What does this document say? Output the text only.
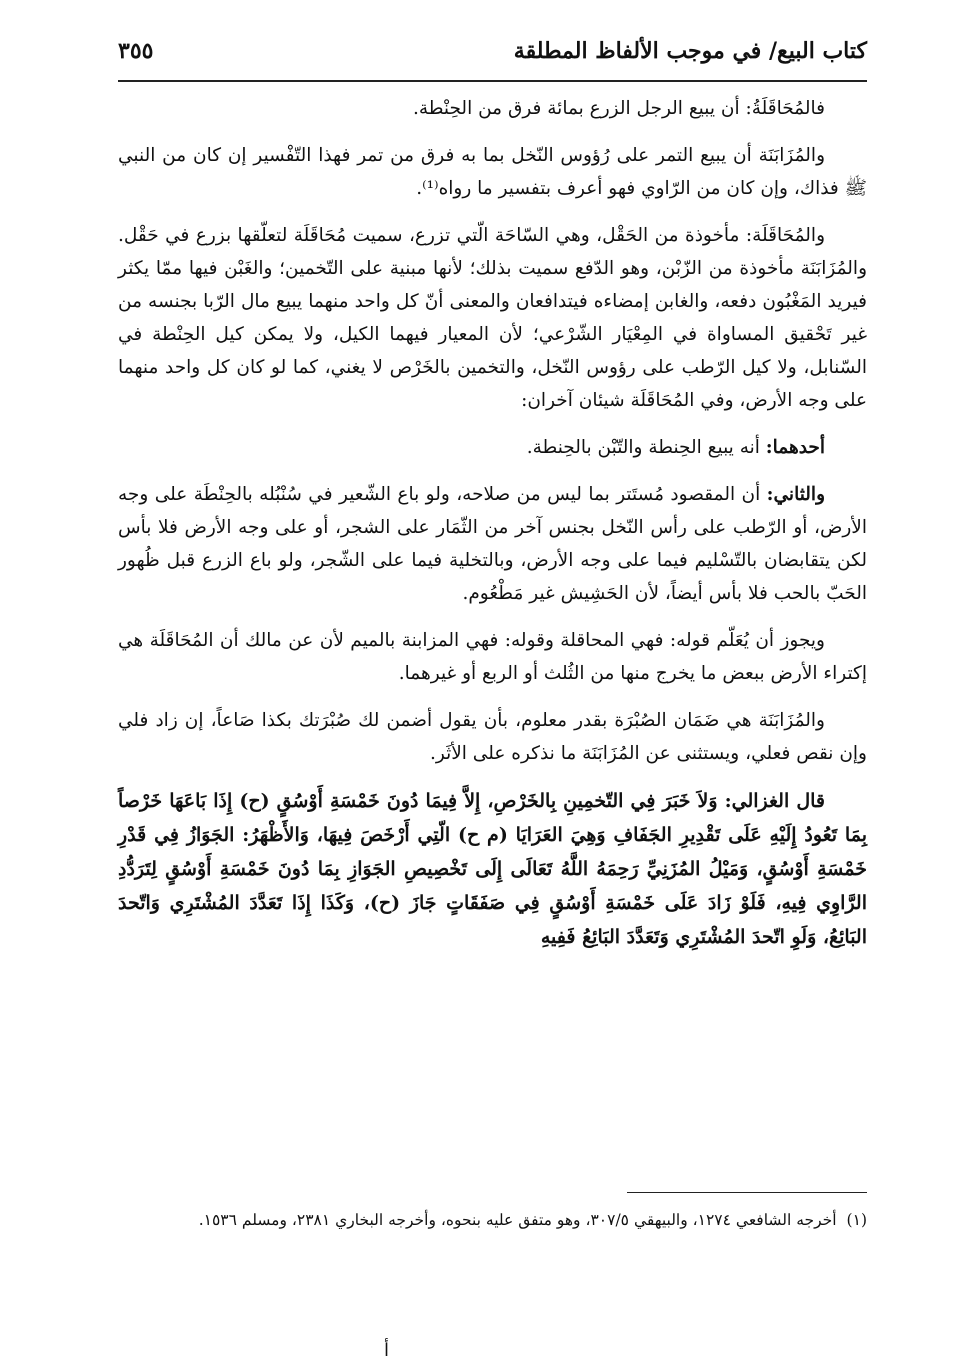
كتاب البيع/ في موجب الألفاظ المطلقة
٣٥٥

فالمُحَاقَلَةُ: أن يبيع الرجل الزرع بمائة فرق من الحِنْطة.

والمُزَابَنَة أن يبيع التمر على رُؤوس النّخل بما به فرق من تمر فهذا التّفْسير إن كان من النبي ﷺ فذاك، وإن كان من الرّاوي فهو أعرف بتفسير ما رواه⁽¹⁾.

والمُحَاقَلَة: مأخوذة من الحَقْل، وهي السّاحَة الّتي تزرع، سميت مُحَاقَلَة لتعلّقها بزرع في حَقْل. والمُزَابَنَة مأخوذة من الزّبْن، وهو الدّفع سميت بذلك؛ لأنها مبنية على التّخمين؛ والغَبْن فيها ممّا يكثر فيريد المَغْبُون دفعه، والغابن إمضاءه فيتدافعان والمعنى أنّ كل واحد منهما يبيع مال الرّبا بجنسه من غير تَحْقيق المساواة في المِعْيَار الشّرْعي؛ لأن المعيار فيهما الكيل، ولا يمكن كيل الحِنْطة في السّنابل، ولا كيل الرّطب على رؤوس النّخل، والتخمين بالخَرْص لا يغني، كما لو كان كل واحد منهما على وجه الأرض، وفي المُحَاقَلَة شيئان آخران:

أحدهما: أنه يبيع الحِنطة والتّبْن بالحِنطة.

والثاني: أن المقصود مُستَتر بما ليس من صلاحه، ولو باع الشّعير في سُنْبُله بالحِنْطَة على وجه الأرض، أو الرّطب على رأس النّخل بجنس آخر من الثّمَار على الشجر، أو على وجه الأرض فلا بأس لكن يتقابضان بالتّسْليم فيما على وجه الأرض، وبالتخلية فيما على الشّجر، ولو باع الزرع قبل ظُهور الحَبّ بالحب فلا بأس أيضاً، لأن الحَشِيش غير مَطْعُوم.

ويجوز أن يُعَلّم قوله: فهي المحاقلة وقوله: فهي المزابنة بالميم لأن عن مالك أن المُحَاقَلَة هي إكتراء الأرض ببعض ما يخرج منها من الثُلث أو الربع أو غيرهما.

والمُزَابَنَة هي ضَمَان الصُبْرَة بقدر معلوم، بأن يقول أضمن لك صُبْرَتك بكذا صَاعاً، إن زاد فلي وإن نقص فعلي، ويستثنى عن المُزَابَنَة ما نذكره على الأثَر.

قال الغزالي: وَلاَ خَبَرَ فِي التّخمِينِ بِالخَرْصِ، إِلاَّ فِيمَا دُونَ خَمْسَةِ أَوْسُقٍ (ح) إِذَا بَاعَهَا خَرْصاً بِمَا تَعُودُ إِلَيْهِ عَلَى تَقْدِيرِ الجَفَافِ وَهِيَ العَرَايَا (م ح) الّتِي أَرْخَصَ فِيهَا، وَالأَظْهَرُ: الجَوَازُ فِي قَدْرِ خَمْسَةِ أَوْسُقٍ، وَمَيْلُ المُزَنِيِّ رَحِمَهُ اللَّهُ تَعَالَى إِلَى تَخْصِيصِ الجَوَازِ بِمَا دُونَ خَمْسَةِ أَوْسُقٍ لِتَرَدُّدِ الرَّاوِي فِيهِ، فَلَوْ زَادَ عَلَى خَمْسَةِ أَوْسُقٍ فِي صَفَقَاتٍ جَازَ (ح)، وَكَذَا إِذَا تَعَدَّدَ المُشْتَرِي وَاتّحدَ البَائِعُ، وَلَوِ اتّحدَ المُشْتَرِي وَتَعَدَّدَ البَائِعُ فَفِيهِ

(١)أخرجه الشافعي ١٢٧٤، والبيهقي ٣٠٧/٥، وهو متفق عليه بنحوه، وأخرجه البخاري ٢٣٨١، ومسلم ١٥٣٦.
أ
